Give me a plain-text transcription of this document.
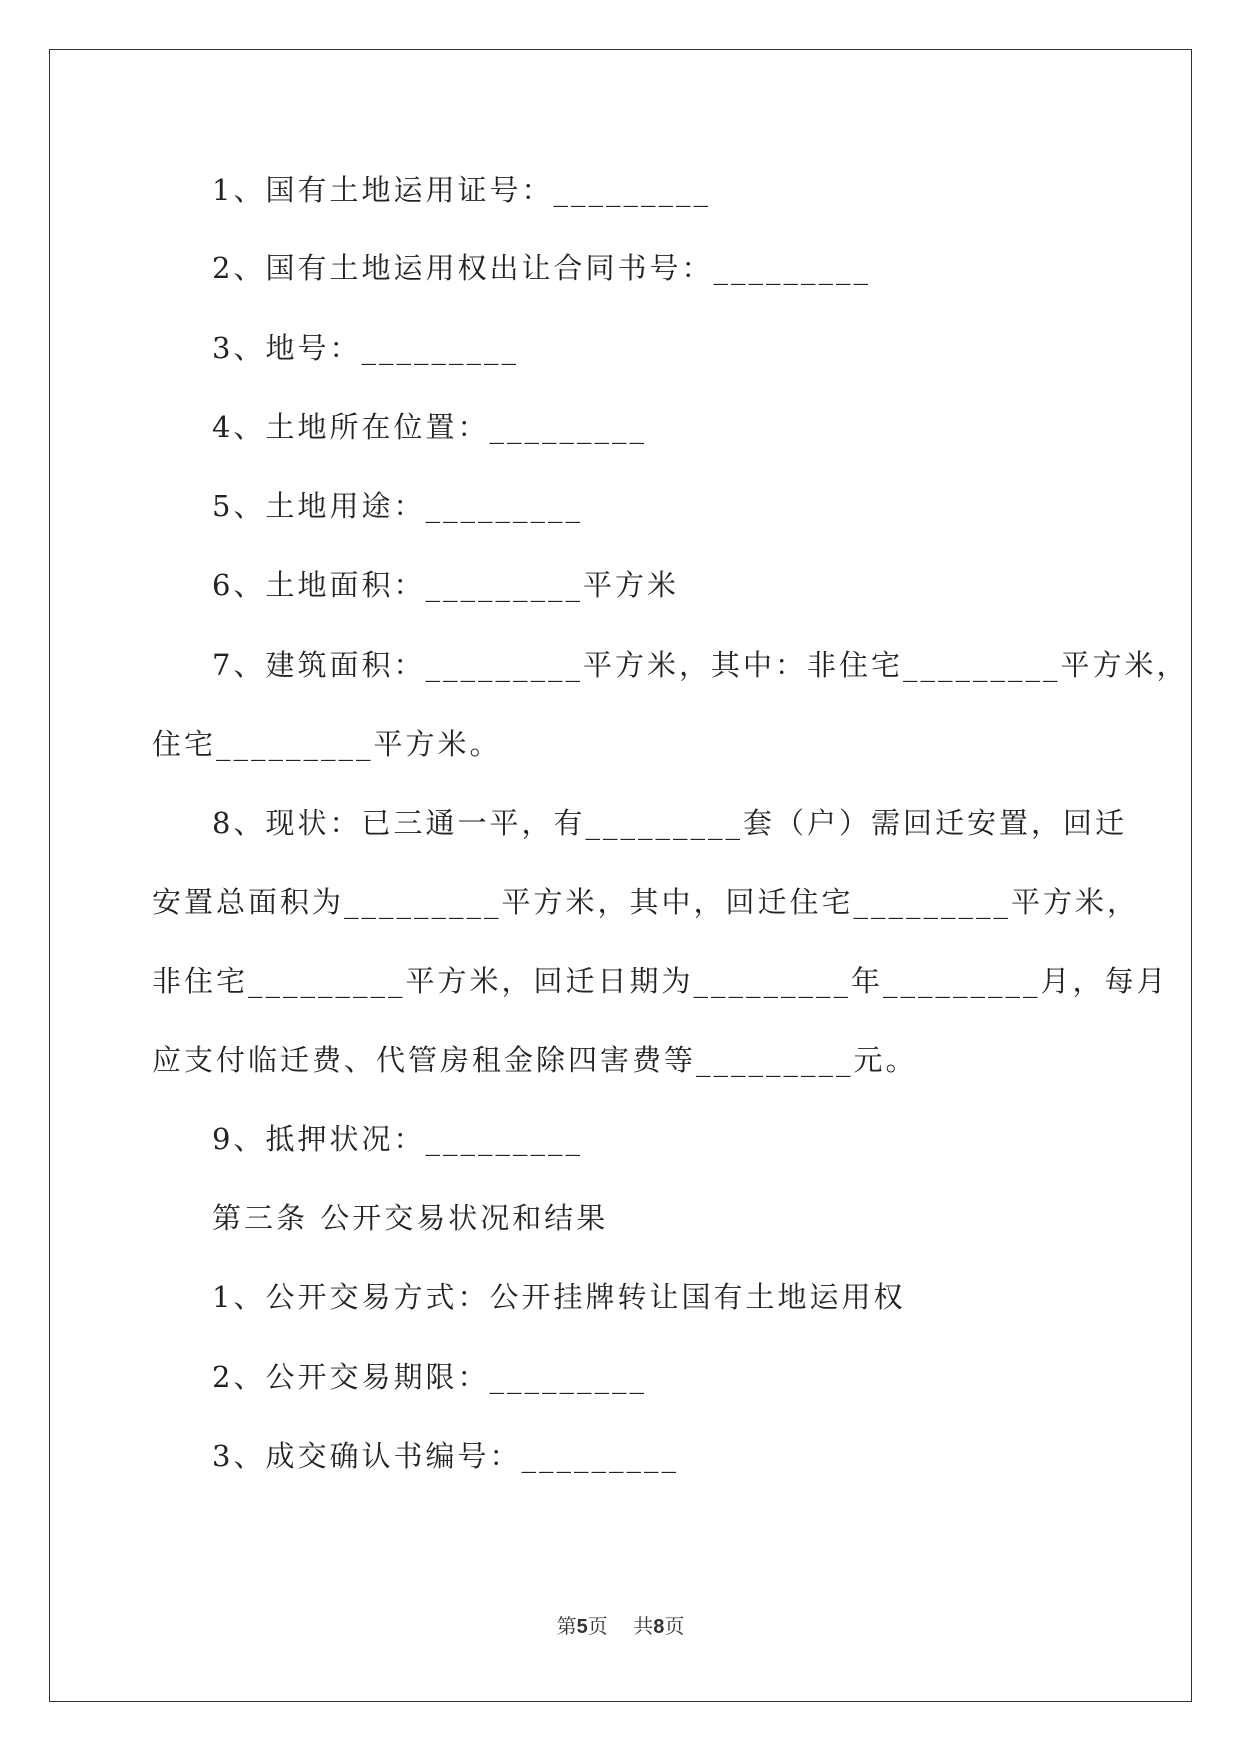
1、国有土地运用证号：_________
2、国有土地运用权出让合同书号：_________
3、地号：_________
4、土地所在位置：_________
5、土地用途：_________
6、土地面积：_________平方米
7、建筑面积：_________平方米，其中：非住宅_________平方米，
住宅_________平方米。
8、现状：已三通一平，有_________套（户）需回迁安置，回迁
安置总面积为_________平方米，其中，回迁住宅_________平方米，
非住宅_________平方米，回迁日期为_________年_________月，每月
应支付临迁费、代管房租金除四害费等_________元。
9、抵押状况：_________
第三条 公开交易状况和结果
1、公开交易方式：公开挂牌转让国有土地运用权
2、公开交易期限：_________
3、成交确认书编号：_________
第5页 共8页
